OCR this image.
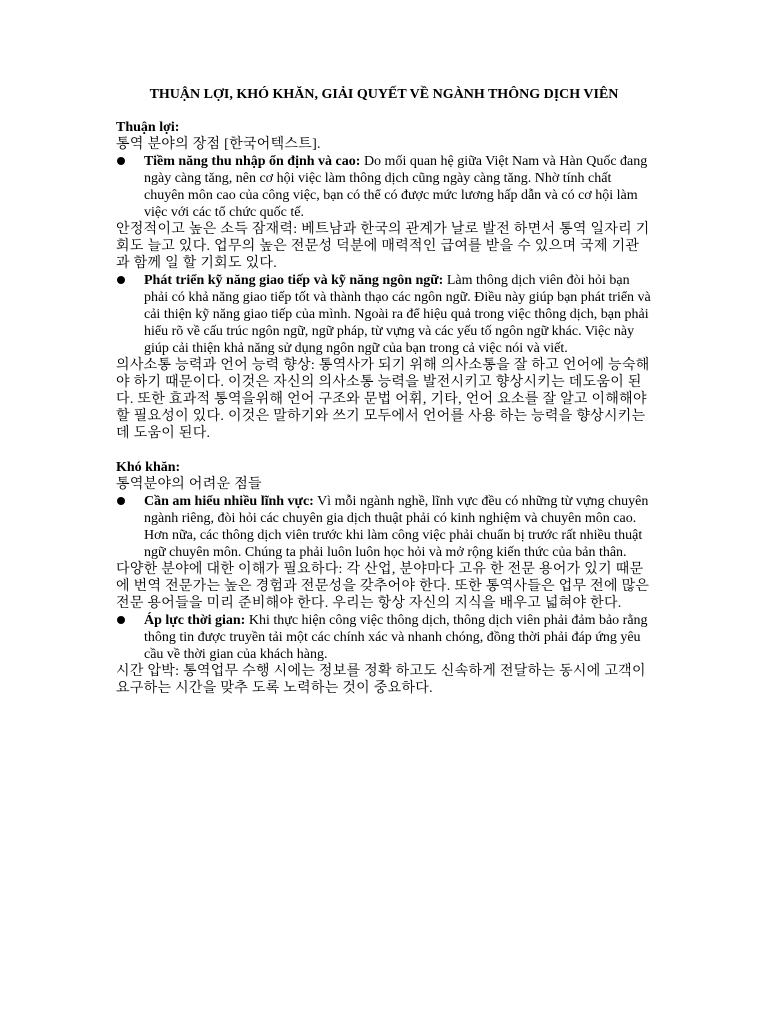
THUẬN LỢI, KHÓ KHĂN, GIẢI QUYẾT VỀ NGÀNH THÔNG DỊCH VIÊN
Thuận lợi:
통역 분야의 장점 [한국어텍스트].
Tiềm năng thu nhập ổn định và cao: Do mối quan hệ giữa Việt Nam và Hàn Quốc đang ngày càng tăng, nên cơ hội việc làm thông dịch cũng ngày càng tăng. Nhờ tính chất chuyên môn cao của công việc, bạn có thể có được mức lương hấp dẫn và có cơ hội làm việc với các tổ chức quốc tế.
안정적이고 높은 소득 잠재력: 베트남과 한국의 관계가 날로 발전 하면서 통역 일자리 기회도 늘고 있다. 업무의 높은 전문성 덕분에 매력적인 급여를 받을 수 있으며 국제 기관과 함께 일 할 기회도 있다.
Phát triển kỹ năng giao tiếp và kỹ năng ngôn ngữ: Làm thông dịch viên đòi hỏi bạn phải có khả năng giao tiếp tốt và thành thạo các ngôn ngữ. Điều này giúp bạn phát triển và cải thiện kỹ năng giao tiếp của mình. Ngoài ra để hiệu quả trong việc thông dịch, bạn phải hiểu rõ về cấu trúc ngôn ngữ, ngữ pháp, từ vựng và các yếu tố ngôn ngữ khác. Việc này giúp cải thiện khả năng sử dụng ngôn ngữ của bạn trong cả việc nói và viết.
의사소통 능력과 언어 능력 향상: 통역사가 되기 위해 의사소통을 잘 하고 언어에 능숙해야 하기 때문이다. 이것은 자신의 의사소통 능력을 발전시키고 향상시키는 데도움이 된다. 또한 효과적 통역을위해 언어 구조와 문법 어휘, 기타, 언어 요소를 잘 알고 이해해야 할 필요성이 있다. 이것은 말하기와 쓰기 모두에서 언어를 사용 하는 능력을 향상시키는 데 도움이 된다.
Khó khăn:
통역분야의 어려운 점들
Cần am hiểu nhiều lĩnh vực: Vì mỗi ngành nghề, lĩnh vực đều có những từ vựng chuyên ngành riêng, đòi hỏi các chuyên gia dịch thuật phải có kinh nghiệm và chuyên môn cao. Hơn nữa, các thông dịch viên trước khi làm công việc phải chuẩn bị trước rất nhiều thuật ngữ chuyên môn. Chúng ta phải luôn luôn học hỏi và mở rộng kiến thức của bản thân.
다양한 분야에 대한 이해가 필요하다: 각 산업, 분야마다 고유 한 전문 용어가 있기 때문에 번역 전문가는 높은 경험과 전문성을 갖추어야 한다. 또한 통역사들은 업무 전에 많은 전문 용어들을 미리 준비해야 한다. 우리는 항상 자신의 지식을 배우고 넓혀야 한다.
Áp lực thời gian: Khi thực hiện công việc thông dịch, thông dịch viên phải đảm bảo rằng thông tin được truyền tải một các chính xác và nhanh chóng, đồng thời phải đáp ứng yêu cầu về thời gian của khách hàng.
시간 압박: 통역업무 수행 시에는 정보를 정확 하고도 신속하게 전달하는 동시에 고객이 요구하는 시간을 맞추 도록 노력하는 것이 중요하다.
